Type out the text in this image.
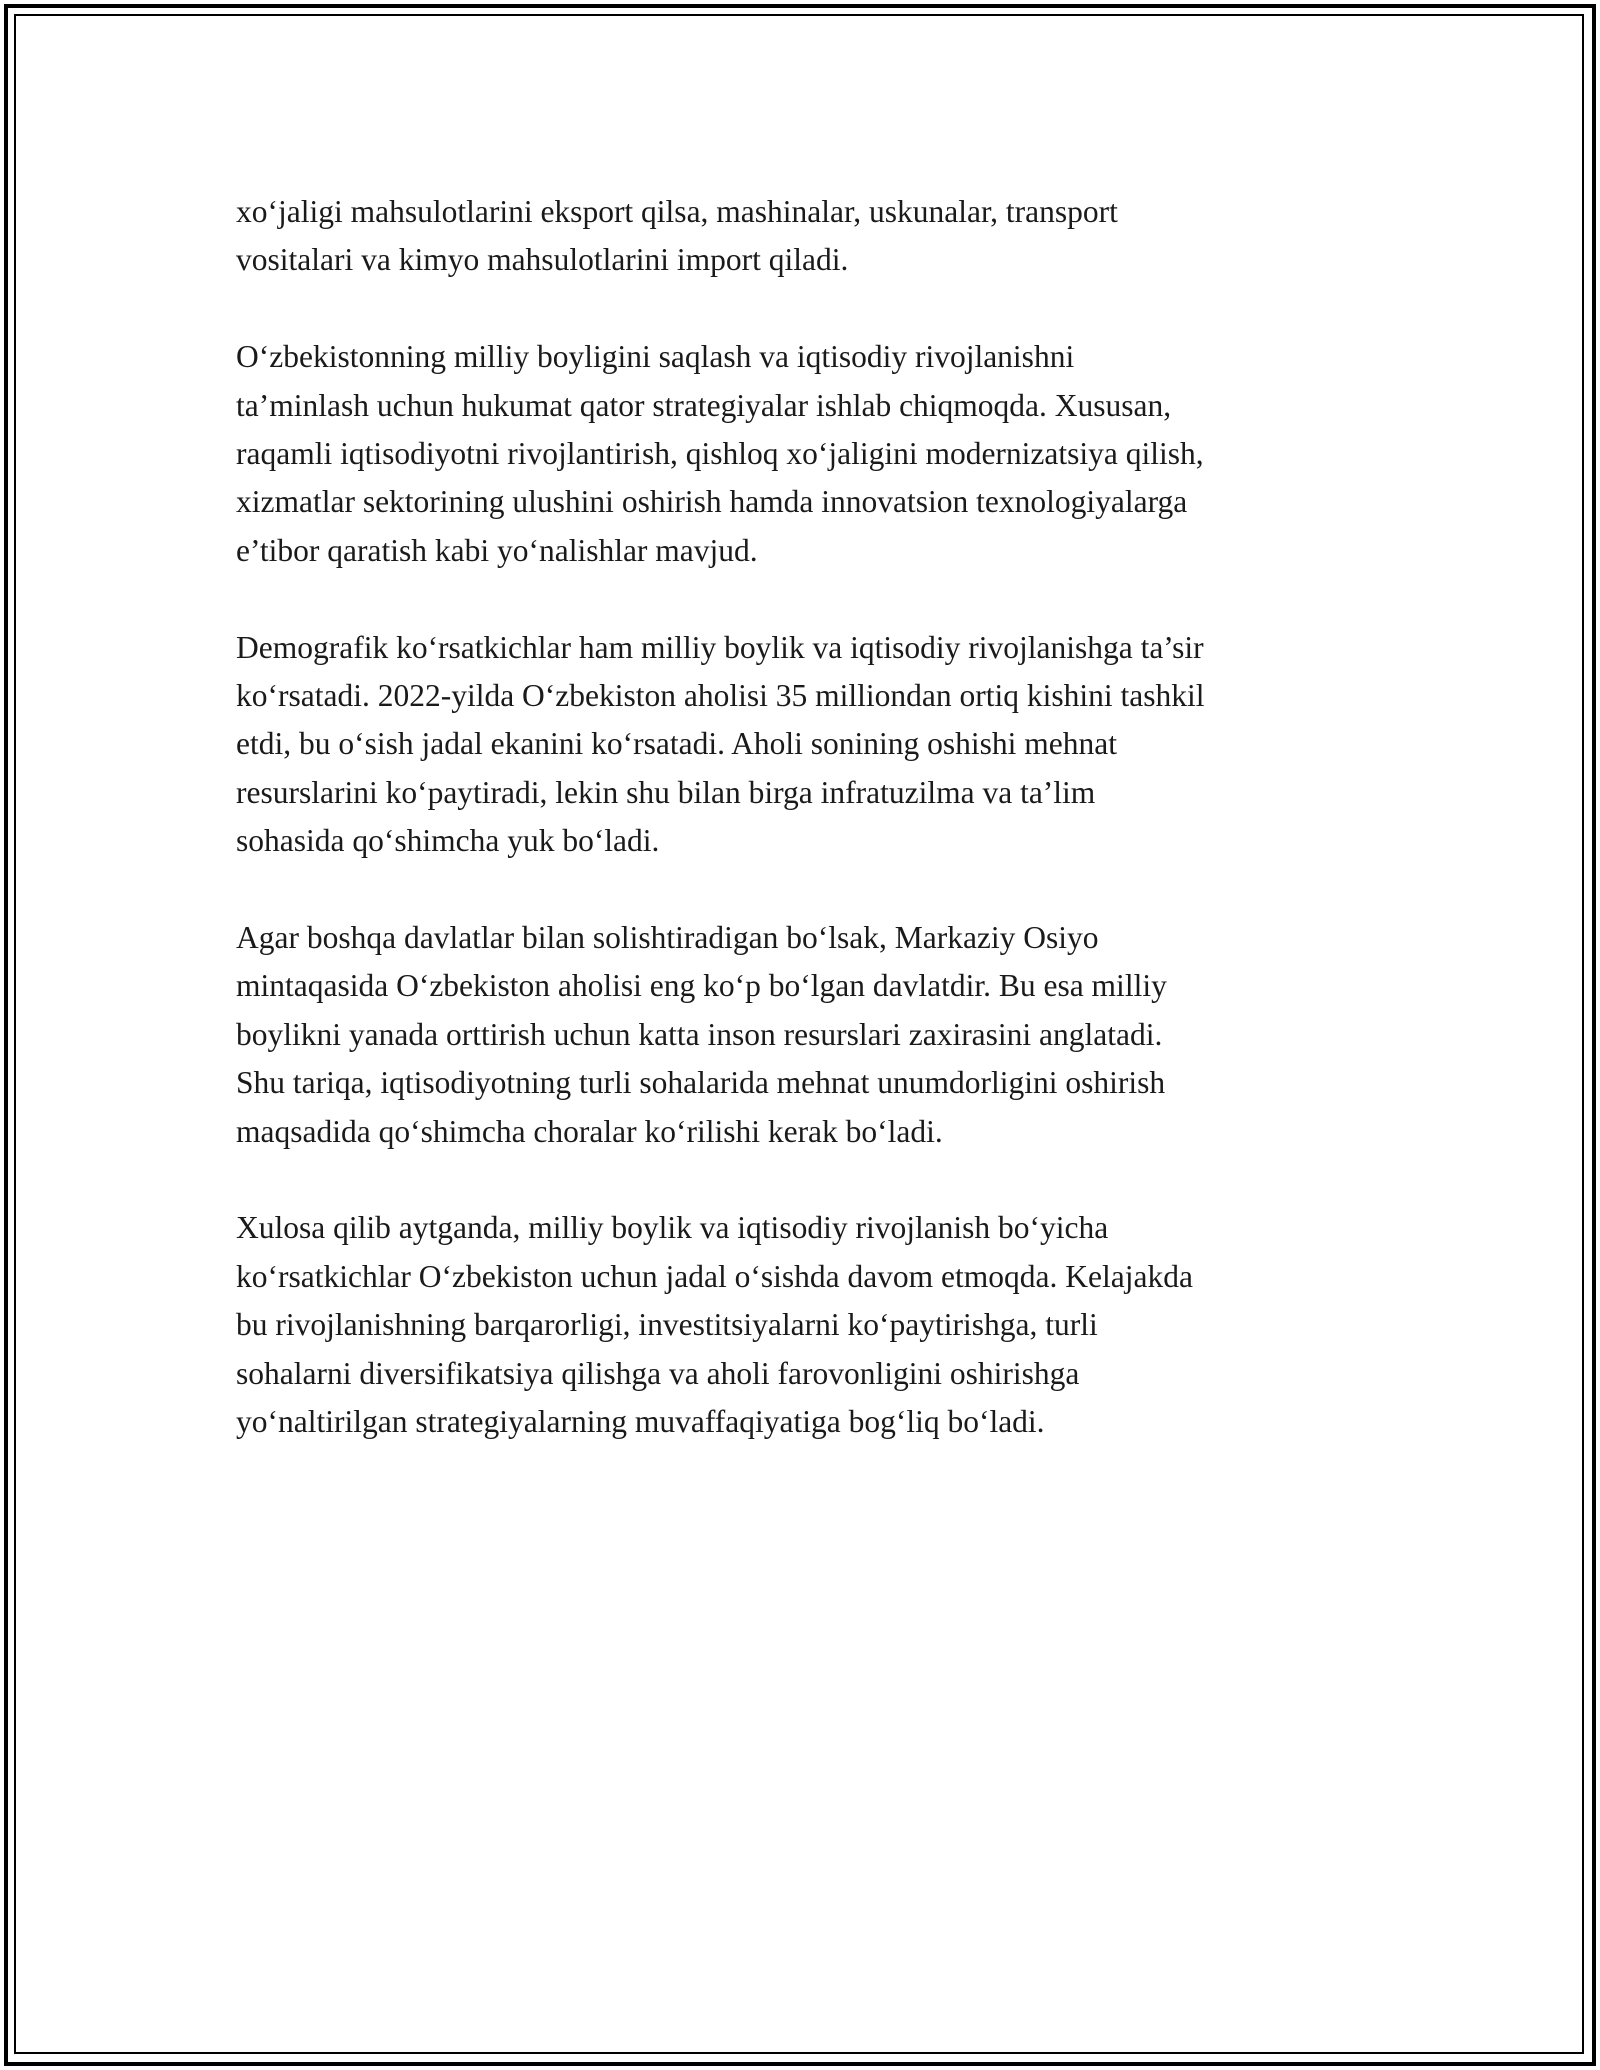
xoʻjaligi mahsulotlarini eksport qilsa, mashinalar, uskunalar, transport
vositalari va kimyo mahsulotlarini import qiladi.

Oʻzbekistonning milliy boyligini saqlash va iqtisodiy rivojlanishni
ta’minlash uchun hukumat qator strategiyalar ishlab chiqmoqda. Xususan,
raqamli iqtisodiyotni rivojlantirish, qishloq xoʻjaligini modernizatsiya qilish,
xizmatlar sektorining ulushini oshirish hamda innovatsion texnologiyalarga
e’tibor qaratish kabi yoʻnalishlar mavjud.

Demografik koʻrsatkichlar ham milliy boylik va iqtisodiy rivojlanishga ta’sir
koʻrsatadi. 2022-yilda Oʻzbekiston aholisi 35 milliondan ortiq kishini tashkil
etdi, bu oʻsish jadal ekanini koʻrsatadi. Aholi sonining oshishi mehnat
resurslarini koʻpaytiradi, lekin shu bilan birga infratuzilma va ta’lim
sohasida qoʻshimcha yuk boʻladi.

Agar boshqa davlatlar bilan solishtiradigan boʻlsak, Markaziy Osiyo
mintaqasida Oʻzbekiston aholisi eng koʻp boʻlgan davlatdir. Bu esa milliy
boylikni yanada orttirish uchun katta inson resurslari zaxirasini anglatadi.
Shu tariqa, iqtisodiyotning turli sohalarida mehnat unumdorligini oshirish
maqsadida qoʻshimcha choralar koʻrilishi kerak boʻladi.

Xulosa qilib aytganda, milliy boylik va iqtisodiy rivojlanish boʻyicha
koʻrsatkichlar Oʻzbekiston uchun jadal oʻsishda davom etmoqda. Kelajakda
bu rivojlanishning barqarorligi, investitsiyalarni koʻpaytirishga, turli
sohalarni diversifikatsiya qilishga va aholi farovonligini oshirishga
yoʻnaltirilgan strategiyalarning muvaffaqiyatiga bogʻliq boʻladi.
